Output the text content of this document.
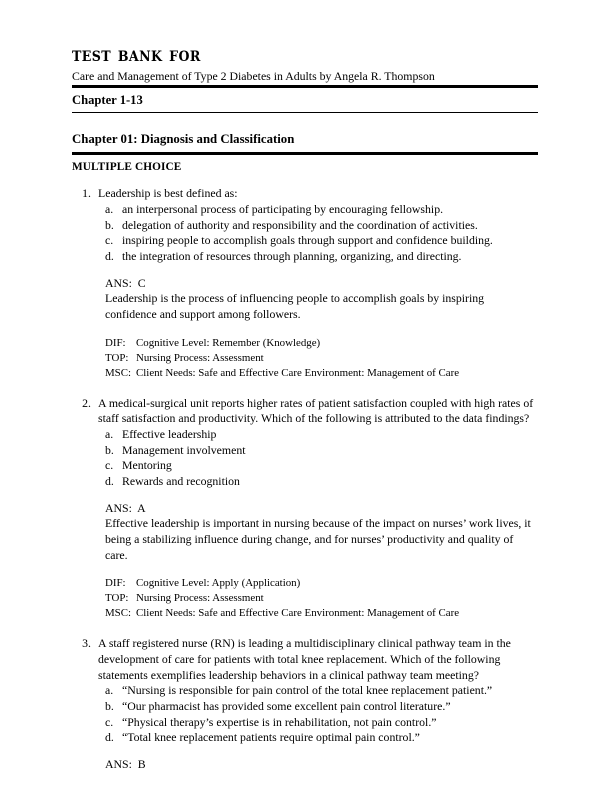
test bank for
Care and Management of Type 2 Diabetes in Adults by Angela R. Thompson
Chapter 1-13
Chapter 01: Diagnosis and Classification
MULTIPLE CHOICE
1. Leadership is best defined as:
a. an interpersonal process of participating by encouraging fellowship.
b. delegation of authority and responsibility and the coordination of activities.
c. inspiring people to accomplish goals through support and confidence building.
d. the integration of resources through planning, organizing, and directing.
ANS: C
Leadership is the process of influencing people to accomplish goals by inspiring confidence and support among followers.
DIF: Cognitive Level: Remember (Knowledge)
TOP: Nursing Process: Assessment
MSC: Client Needs: Safe and Effective Care Environment: Management of Care
2. A medical-surgical unit reports higher rates of patient satisfaction coupled with high rates of staff satisfaction and productivity. Which of the following is attributed to the data findings?
a. Effective leadership
b. Management involvement
c. Mentoring
d. Rewards and recognition
ANS: A
Effective leadership is important in nursing because of the impact on nurses’ work lives, it being a stabilizing influence during change, and for nurses’ productivity and quality of care.
DIF: Cognitive Level: Apply (Application)
TOP: Nursing Process: Assessment
MSC: Client Needs: Safe and Effective Care Environment: Management of Care
3. A staff registered nurse (RN) is leading a multidisciplinary clinical pathway team in the development of care for patients with total knee replacement. Which of the following statements exemplifies leadership behaviors in a clinical pathway team meeting?
a. “Nursing is responsible for pain control of the total knee replacement patient.”
b. “Our pharmacist has provided some excellent pain control literature.”
c. “Physical therapy’s expertise is in rehabilitation, not pain control.”
d. “Total knee replacement patients require optimal pain control.”
ANS: B
